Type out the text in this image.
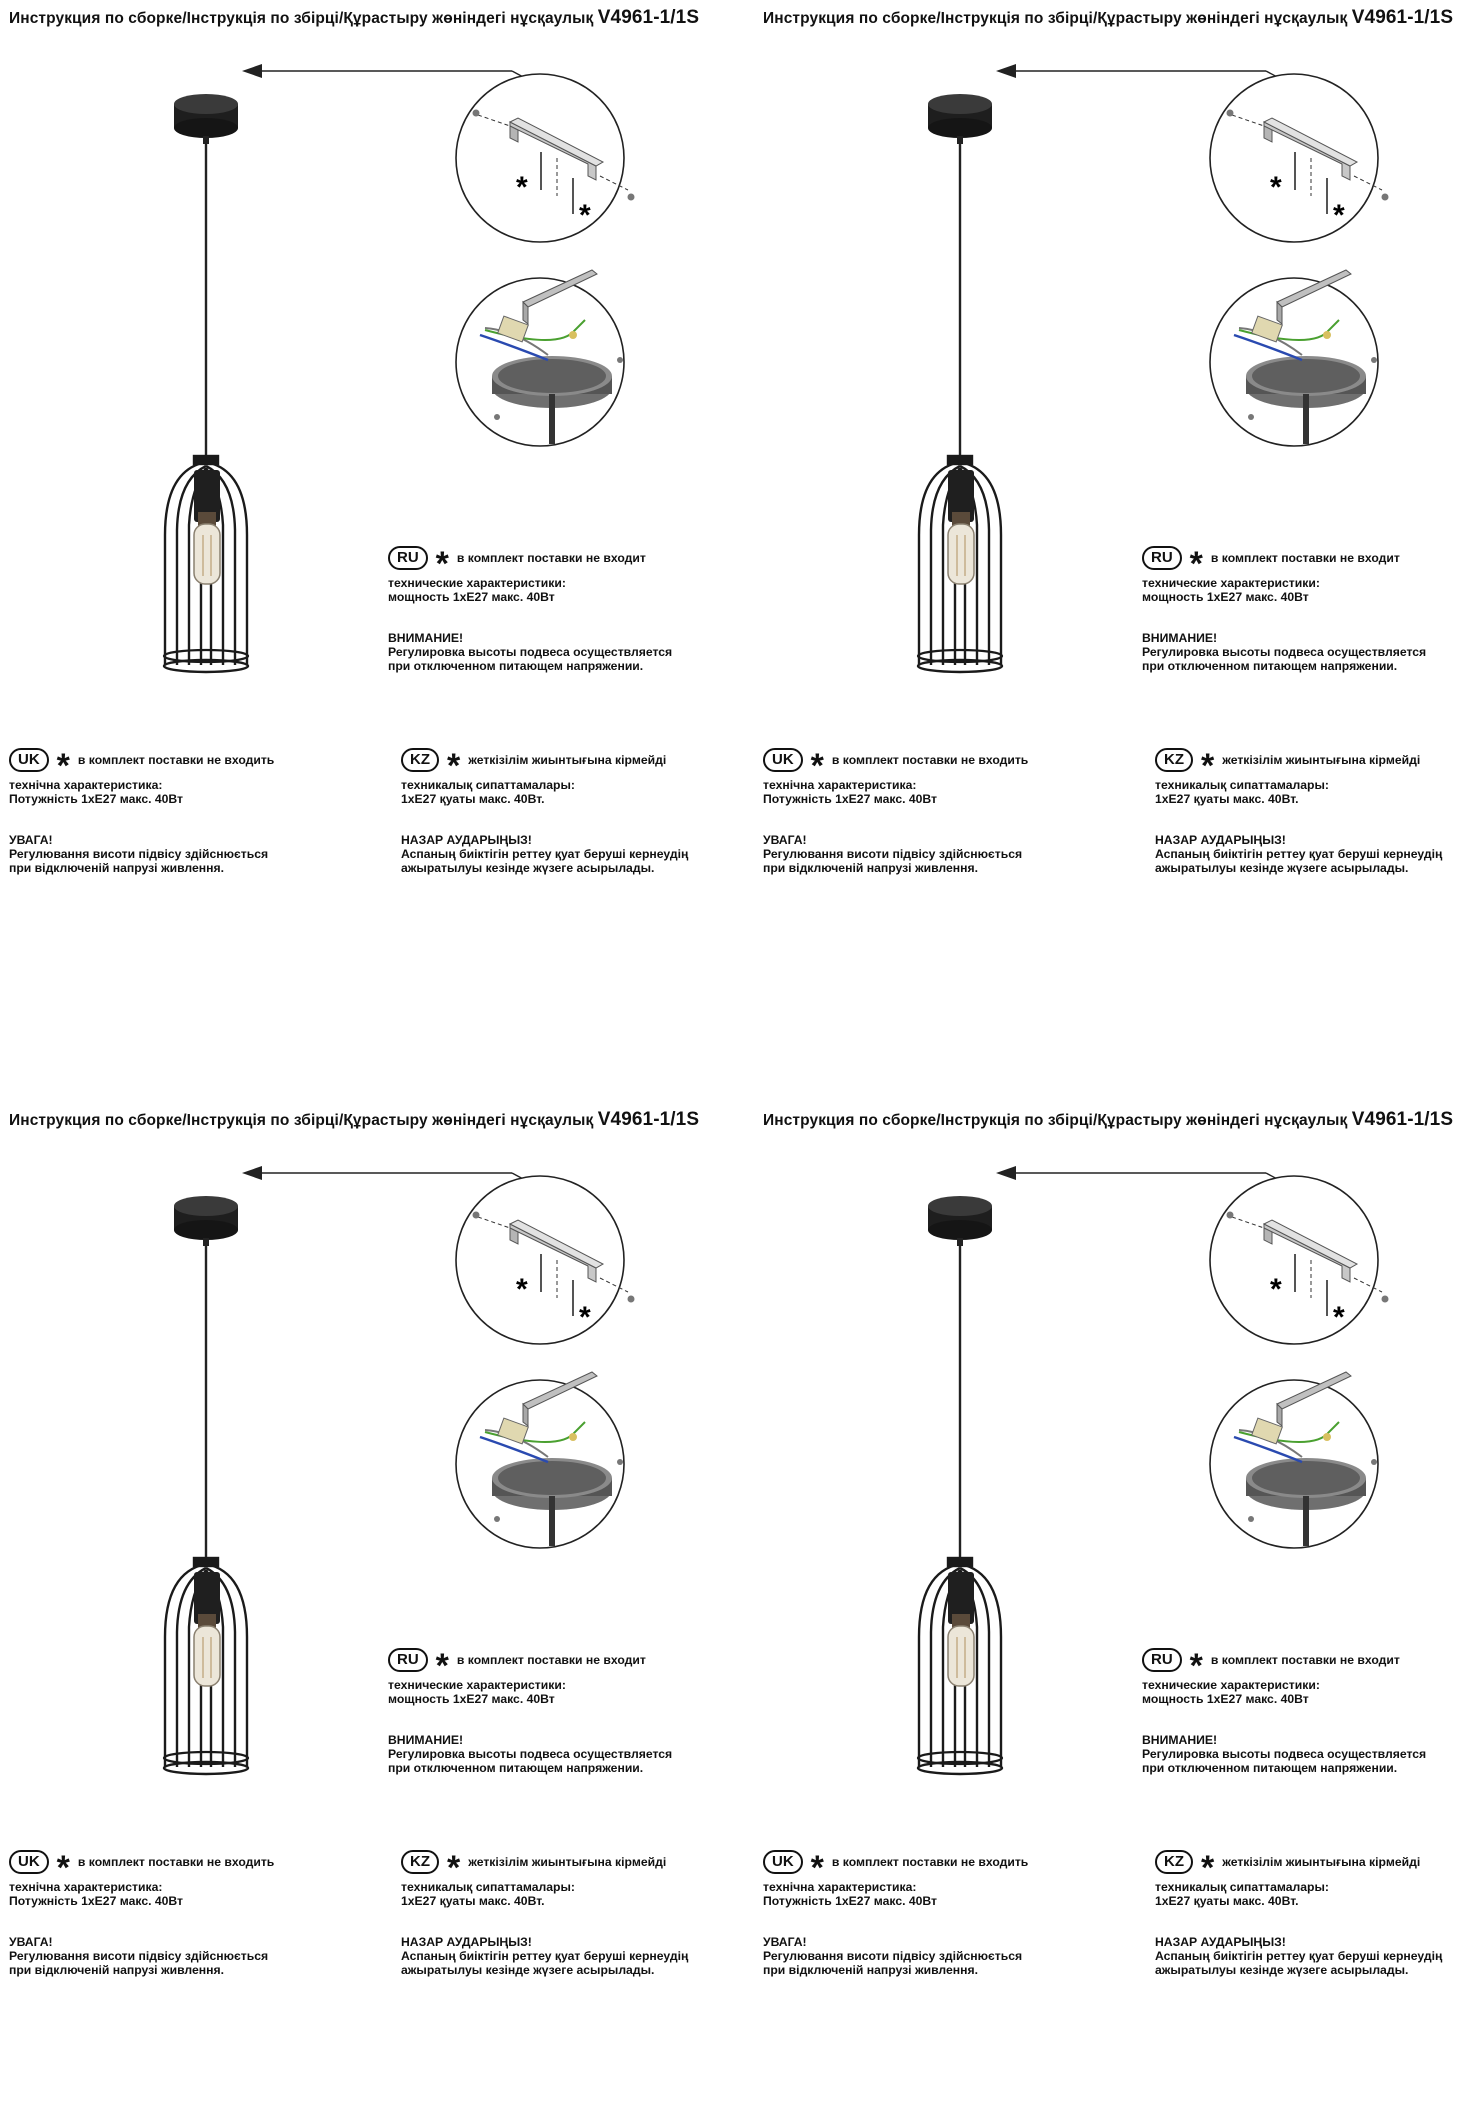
Инструкция по сборке/Інструкція по збірці/Құрастыру жөніндегі нұсқаулық V4961-1/1S
*
*
RU * в комплект поставки не входит
технические характеристики:
мощность 1хЕ27 макс. 40Вт
ВНИМАНИЕ!
Регулировка высоты подвеса осуществляется
при отключенном питающем напряжении.
UK * в комплект поставки не входить
технічна характеристика:
Потужність 1хЕ27 макс. 40Вт
УВАГА!
Регулювання висоти підвісу здійснюється
при відключеній напрузі живлення.
KZ * жеткізілім жиынтығына кірмейді
техникалық сипаттамалары:
1хЕ27 қуаты макс. 40Вт.
НАЗАР АУДАРЫҢЫЗ!
Аспаның биіктігін реттеу қуат беруші кернеудің
ажыратылуы кезінде жүзеге асырылады.
Инструкция по сборке/Інструкція по збірці/Құрастыру жөніндегі нұсқаулық V4961-1/1S
*
*
RU * в комплект поставки не входит
технические характеристики:
мощность 1хЕ27 макс. 40Вт
ВНИМАНИЕ!
Регулировка высоты подвеса осуществляется
при отключенном питающем напряжении.
UK * в комплект поставки не входить
технічна характеристика:
Потужність 1хЕ27 макс. 40Вт
УВАГА!
Регулювання висоти підвісу здійснюється
при відключеній напрузі живлення.
KZ * жеткізілім жиынтығына кірмейді
техникалық сипаттамалары:
1хЕ27 қуаты макс. 40Вт.
НАЗАР АУДАРЫҢЫЗ!
Аспаның биіктігін реттеу қуат беруші кернеудің
ажыратылуы кезінде жүзеге асырылады.
Инструкция по сборке/Інструкція по збірці/Құрастыру жөніндегі нұсқаулық V4961-1/1S
*
*
RU * в комплект поставки не входит
технические характеристики:
мощность 1хЕ27 макс. 40Вт
ВНИМАНИЕ!
Регулировка высоты подвеса осуществляется
при отключенном питающем напряжении.
UK * в комплект поставки не входить
технічна характеристика:
Потужність 1хЕ27 макс. 40Вт
УВАГА!
Регулювання висоти підвісу здійснюється
при відключеній напрузі живлення.
KZ * жеткізілім жиынтығына кірмейді
техникалық сипаттамалары:
1хЕ27 қуаты макс. 40Вт.
НАЗАР АУДАРЫҢЫЗ!
Аспаның биіктігін реттеу қуат беруші кернеудің
ажыратылуы кезінде жүзеге асырылады.
Инструкция по сборке/Інструкція по збірці/Құрастыру жөніндегі нұсқаулық V4961-1/1S
*
*
RU * в комплект поставки не входит
технические характеристики:
мощность 1хЕ27 макс. 40Вт
ВНИМАНИЕ!
Регулировка высоты подвеса осуществляется
при отключенном питающем напряжении.
UK * в комплект поставки не входить
технічна характеристика:
Потужність 1хЕ27 макс. 40Вт
УВАГА!
Регулювання висоти підвісу здійснюється
при відключеній напрузі живлення.
KZ * жеткізілім жиынтығына кірмейді
техникалық сипаттамалары:
1хЕ27 қуаты макс. 40Вт.
НАЗАР АУДАРЫҢЫЗ!
Аспаның биіктігін реттеу қуат беруші кернеудің
ажыратылуы кезінде жүзеге асырылады.
